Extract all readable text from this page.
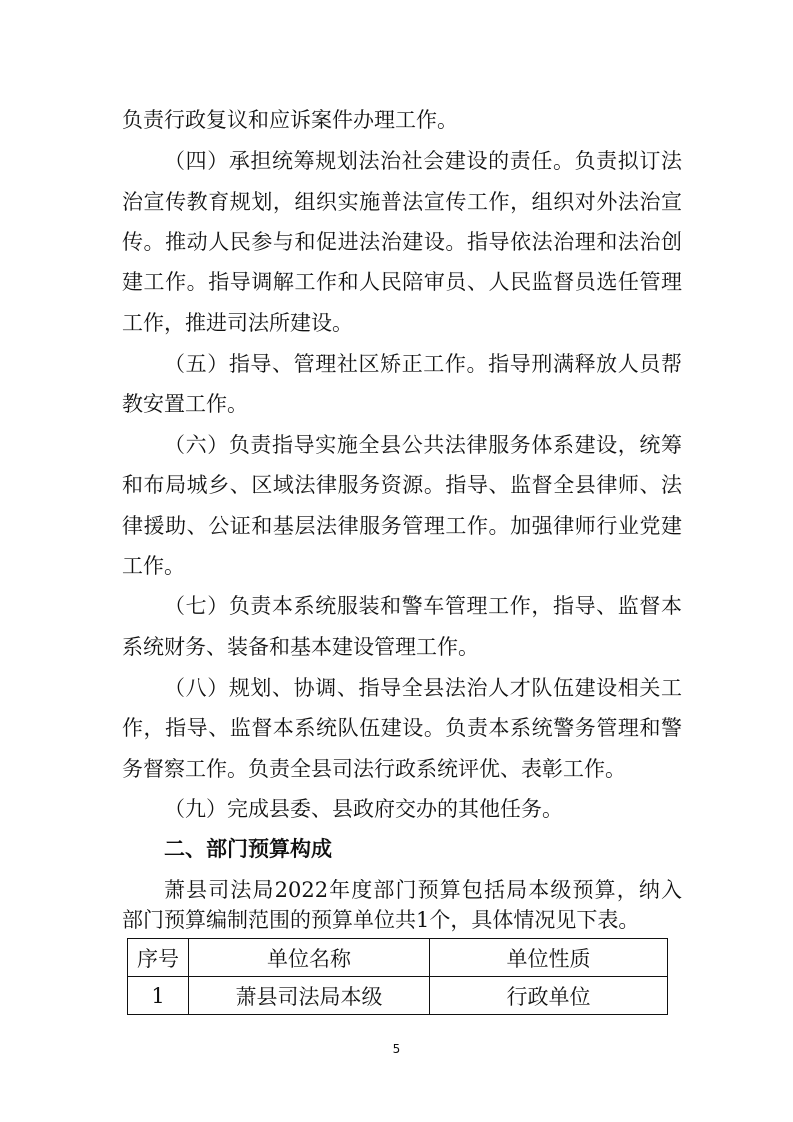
负责行政复议和应诉案件办理工作。
（四）承担统筹规划法治社会建设的责任。负责拟订法
治宣传教育规划，组织实施普法宣传工作，组织对外法治宣
传。推动人民参与和促进法治建设。指导依法治理和法治创
建工作。指导调解工作和人民陪审员、人民监督员选任管理
工作，推进司法所建设。
（五）指导、管理社区矫正工作。指导刑满释放人员帮
教安置工作。
（六）负责指导实施全县公共法律服务体系建设，统筹
和布局城乡、区域法律服务资源。指导、监督全县律师、法
律援助、公证和基层法律服务管理工作。加强律师行业党建
工作。
（七）负责本系统服装和警车管理工作，指导、监督本
系统财务、装备和基本建设管理工作。
（八）规划、协调、指导全县法治人才队伍建设相关工
作，指导、监督本系统队伍建设。负责本系统警务管理和警
务督察工作。负责全县司法行政系统评优、表彰工作。
（九）完成县委、县政府交办的其他任务。
二、部门预算构成
萧县司法局2022年度部门预算包括局本级预算，纳入
部门预算编制范围的预算单位共1个，具体情况见下表。
序号	单位名称	单位性质
1	萧县司法局本级	行政单位
5
